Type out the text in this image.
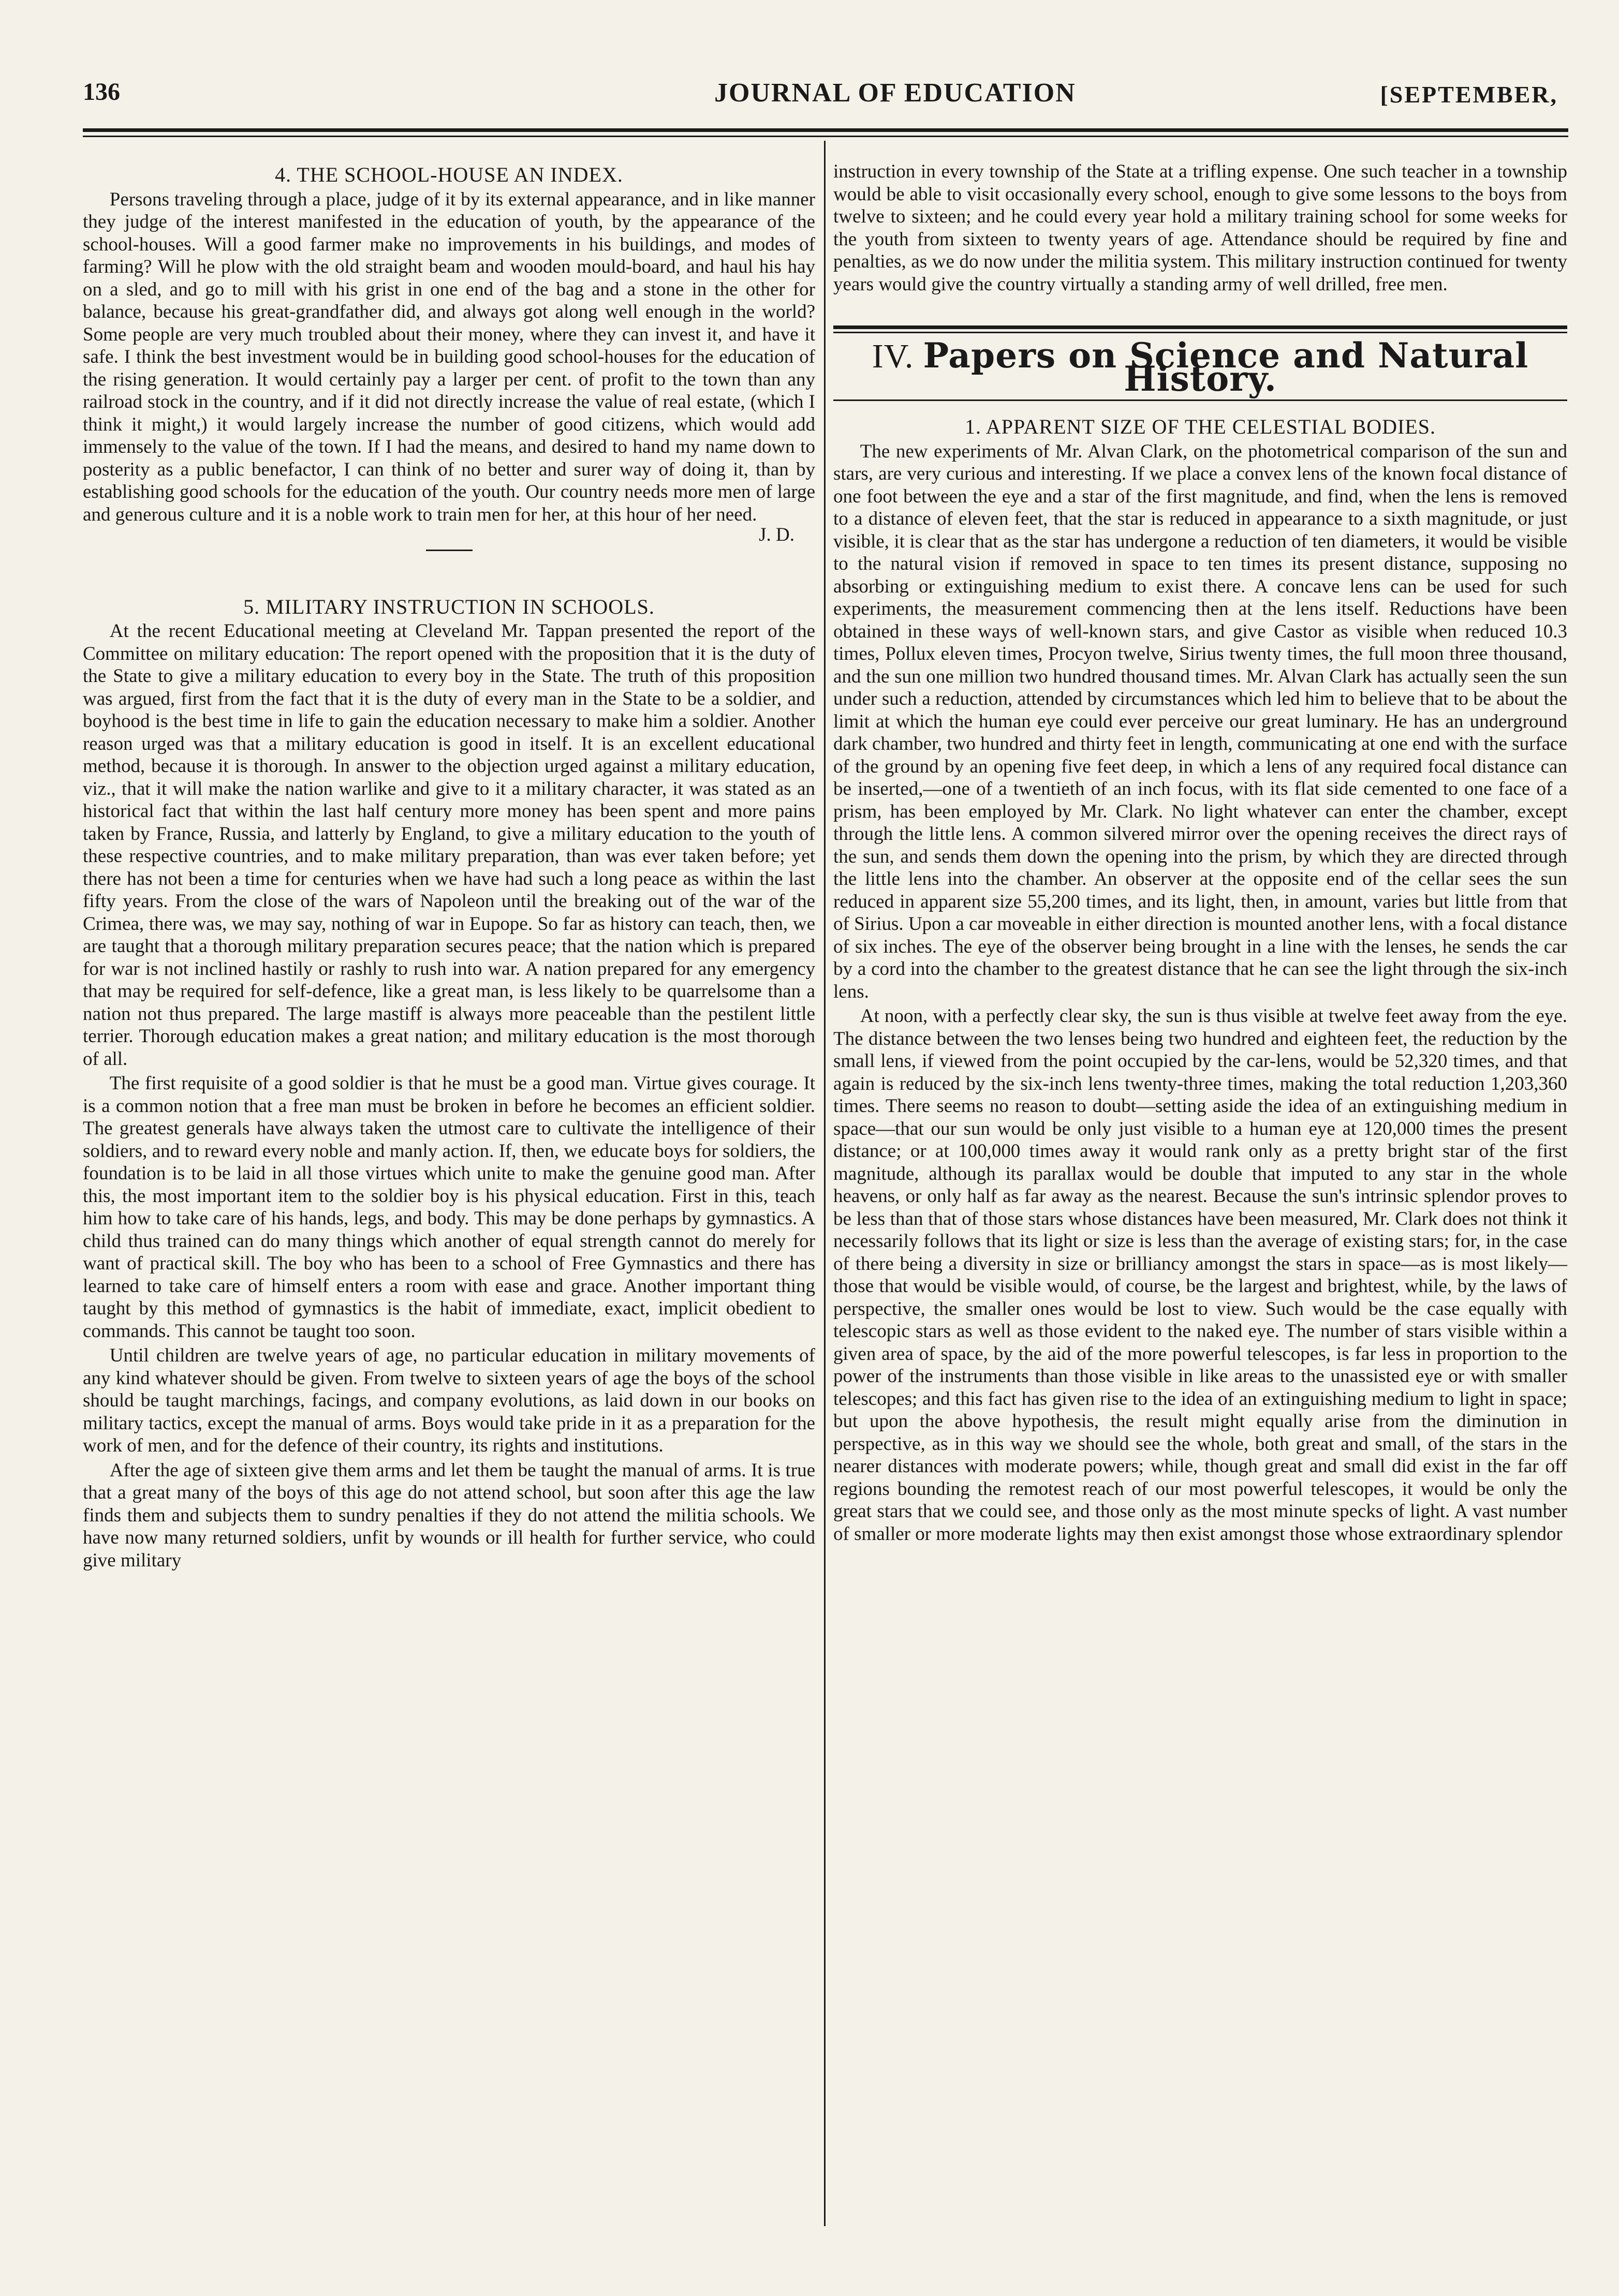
136	JOURNAL OF EDUCATION	[SEPTEMBER,
4. THE SCHOOL-HOUSE AN INDEX.

Persons traveling through a place, judge of it by its external appearance, and in like manner they judge of the interest manifested in the education of youth, by the appearance of the school-houses. Will a good farmer make no improvements in his buildings, and modes of farming? Will he plow with the old straight beam and wooden mould-board, and haul his hay on a sled, and go to mill with his grist in one end of the bag and a stone in the other for balance, because his great-grandfather did, and always got along well enough in the world? Some people are very much troubled about their money, where they can invest it, and have it safe. I think the best investment would be in building good school-houses for the education of the rising generation. It would certainly pay a larger per cent. of profit to the town than any railroad stock in the country, and if it did not directly increase the value of real estate, (which I think it might,) it would largely increase the number of good citizens, which would add immensely to the value of the town. If I had the means, and desired to hand my name down to posterity as a public benefactor, I can think of no better and surer way of doing it, than by establishing good schools for the education of the youth. Our country needs more men of large and generous culture and it is a noble work to train men for her, at this hour of her need.

J. D.
5. MILITARY INSTRUCTION IN SCHOOLS.

At the recent Educational meeting at Cleveland Mr. Tappan presented the report of the Committee on military education: The report opened with the proposition that it is the duty of the State to give a military education to every boy in the State. The truth of this proposition was argued, first from the fact that it is the duty of every man in the State to be a soldier, and boyhood is the best time in life to gain the education necessary to make him a soldier. Another reason urged was that a military education is good in itself. It is an excellent educational method, because it is thorough. In answer to the objection urged against a military education, viz., that it will make the nation warlike and give to it a military character, it was stated as an historical fact that within the last half century more money has been spent and more pains taken by France, Russia, and latterly by England, to give a military education to the youth of these respective countries, and to make military preparation, than was ever taken before; yet there has not been a time for centuries when we have had such a long peace as within the last fifty years. From the close of the wars of Napoleon until the breaking out of the war of the Crimea, there was, we may say, nothing of war in Eupope. So far as history can teach, then, we are taught that a thorough military preparation secures peace; that the nation which is prepared for war is not inclined hastily or rashly to rush into war. A nation prepared for any emergency that may be required for self-defence, like a great man, is less likely to be quarrelsome than a nation not thus prepared. The large mastiff is always more peaceable than the pestilent little terrier. Thorough education makes a great nation; and military education is the most thorough of all.

The first requisite of a good soldier is that he must be a good man. Virtue gives courage. It is a common notion that a free man must be broken in before he becomes an efficient soldier. The greatest generals have always taken the utmost care to cultivate the intelligence of their soldiers, and to reward every noble and manly action. If, then, we educate boys for soldiers, the foundation is to be laid in all those virtues which unite to make the genuine good man. After this, the most important item to the soldier boy is his physical education. First in this, teach him how to take care of his hands, legs, and body. This may be done perhaps by gymnastics. A child thus trained can do many things which another of equal strength cannot do merely for want of practical skill. The boy who has been to a school of Free Gymnastics and there has learned to take care of himself enters a room with ease and grace. Another important thing taught by this method of gymnastics is the habit of immediate, exact, implicit obedient to commands. This cannot be taught too soon.

Until children are twelve years of age, no particular education in military movements of any kind whatever should be given. From twelve to sixteen years of age the boys of the school should be taught marchings, facings, and company evolutions, as laid down in our books on military tactics, except the manual of arms. Boys would take pride in it as a preparation for the work of men, and for the defence of their country, its rights and institutions.

After the age of sixteen give them arms and let them be taught the manual of arms. It is true that a great many of the boys of this age do not attend school, but soon after this age the law finds them and subjects them to sundry penalties if they do not attend the militia schools. We have now many returned soldiers, unfit by wounds or ill health for further service, who could give military

instruction in every township of the State at a trifling expense. One such teacher in a township would be able to visit occasionally every school, enough to give some lessons to the boys from twelve to sixteen; and he could every year hold a military training school for some weeks for the youth from sixteen to twenty years of age. Attendance should be required by fine and penalties, as we do now under the militia system. This military instruction continued for twenty years would give the country virtually a standing army of well drilled, free men.

IV. Papers on Science and Natural History.
1. APPARENT SIZE OF THE CELESTIAL BODIES.

The new experiments of Mr. Alvan Clark, on the photometrical comparison of the sun and stars, are very curious and interesting. If we place a convex lens of the known focal distance of one foot between the eye and a star of the first magnitude, and find, when the lens is removed to a distance of eleven feet, that the star is reduced in appearance to a sixth magnitude, or just visible, it is clear that as the star has undergone a reduction of ten diameters, it would be visible to the natural vision if removed in space to ten times its present distance, supposing no absorbing or extinguishing medium to exist there. A concave lens can be used for such experiments, the measurement commencing then at the lens itself. Reductions have been obtained in these ways of well-known stars, and give Castor as visible when reduced 10.3 times, Pollux eleven times, Procyon twelve, Sirius twenty times, the full moon three thousand, and the sun one million two hundred thousand times. Mr. Alvan Clark has actually seen the sun under such a reduction, attended by circumstances which led him to believe that to be about the limit at which the human eye could ever perceive our great luminary. He has an underground dark chamber, two hundred and thirty feet in length, communicating at one end with the surface of the ground by an opening five feet deep, in which a lens of any required focal distance can be inserted,—one of a twentieth of an inch focus, with its flat side cemented to one face of a prism, has been employed by Mr. Clark. No light whatever can enter the chamber, except through the little lens. A common silvered mirror over the opening receives the direct rays of the sun, and sends them down the opening into the prism, by which they are directed through the little lens into the chamber. An observer at the opposite end of the cellar sees the sun reduced in apparent size 55,200 times, and its light, then, in amount, varies but little from that of Sirius. Upon a car moveable in either direction is mounted another lens, with a focal distance of six inches. The eye of the observer being brought in a line with the lenses, he sends the car by a cord into the chamber to the greatest distance that he can see the light through the six-inch lens.

At noon, with a perfectly clear sky, the sun is thus visible at twelve feet away from the eye. The distance between the two lenses being two hundred and eighteen feet, the reduction by the small lens, if viewed from the point occupied by the car-lens, would be 52,320 times, and that again is reduced by the six-inch lens twenty-three times, making the total reduction 1,203,360 times. There seems no reason to doubt—setting aside the idea of an extinguishing medium in space—that our sun would be only just visible to a human eye at 120,000 times the present distance; or at 100,000 times away it would rank only as a pretty bright star of the first magnitude, although its parallax would be double that imputed to any star in the whole heavens, or only half as far away as the nearest. Because the sun's intrinsic splendor proves to be less than that of those stars whose distances have been measured, Mr. Clark does not think it necessarily follows that its light or size is less than the average of existing stars; for, in the case of there being a diversity in size or brilliancy amongst the stars in space—as is most likely—those that would be visible would, of course, be the largest and brightest, while, by the laws of perspective, the smaller ones would be lost to view. Such would be the case equally with telescopic stars as well as those evident to the naked eye. The number of stars visible within a given area of space, by the aid of the more powerful telescopes, is far less in proportion to the power of the instruments than those visible in like areas to the unassisted eye or with smaller telescopes; and this fact has given rise to the idea of an extinguishing medium to light in space; but upon the above hypothesis, the result might equally arise from the diminution in perspective, as in this way we should see the whole, both great and small, of the stars in the nearer distances with moderate powers; while, though great and small did exist in the far off regions bounding the remotest reach of our most powerful telescopes, it would be only the great stars that we could see, and those only as the most minute specks of light. A vast number of smaller or more moderate lights may then exist amongst those whose extraordinary splendor
